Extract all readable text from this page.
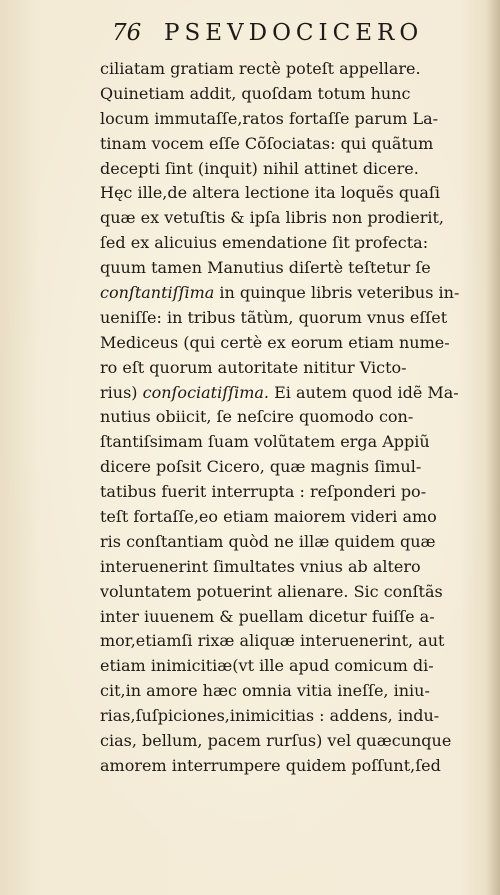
76 PSEVDOCICERO
ciliatam gratiam rectè poteſt appellare.
Quinetiam addit, quoſdam totum hunc
locum immutaſſe,ratos fortaſſe parum La-
tinam vocem eſſe Cõſociatas: qui quãtum
decepti ſint (inquit) nihil attinet dicere.
Hęc ille,de altera lectione ita loquẽs quaſi
quæ ex vetuſtis & ipſa libris non prodierit,
ſed ex alicuius emendatione ſit profecta:
quum tamen Manutius diſertè teſtetur ſe
conſtantiſſima in quinque libris veteribus in-
ueniſſe: in tribus tãtùm, quorum vnus eſſet
Mediceus (qui certè ex eorum etiam nume-
ro eſt quorum autoritate nititur Victo-
rius) conſociatiſſima. Ei autem quod idẽ Ma-
nutius obiicit, ſe neſcire quomodo con-
ſtantiſsimam ſuam volũtatem erga Appiũ
dicere poſsit Cicero, quæ magnis ſimul-
tatibus fuerit interrupta : reſponderi po-
teſt fortaſſe,eo etiam maiorem videri amo
ris conſtantiam quòd ne illæ quidem quæ
interuenerint ſimultates vnius ab altero
voluntatem potuerint alienare. Sic conſtãs
inter iuuenem & puellam dicetur fuiſſe a-
mor,etiamſi rixæ aliquæ interuenerint, aut
etiam inimicitiæ(vt ille apud comicum di-
cit,in amore hæc omnia vitia ineſſe, iniu-
rias,ſuſpiciones,inimicitias : addens, indu-
cias, bellum, pacem rurſus) vel quæcunque
amorem interrumpere quidem poſſunt,ſed
